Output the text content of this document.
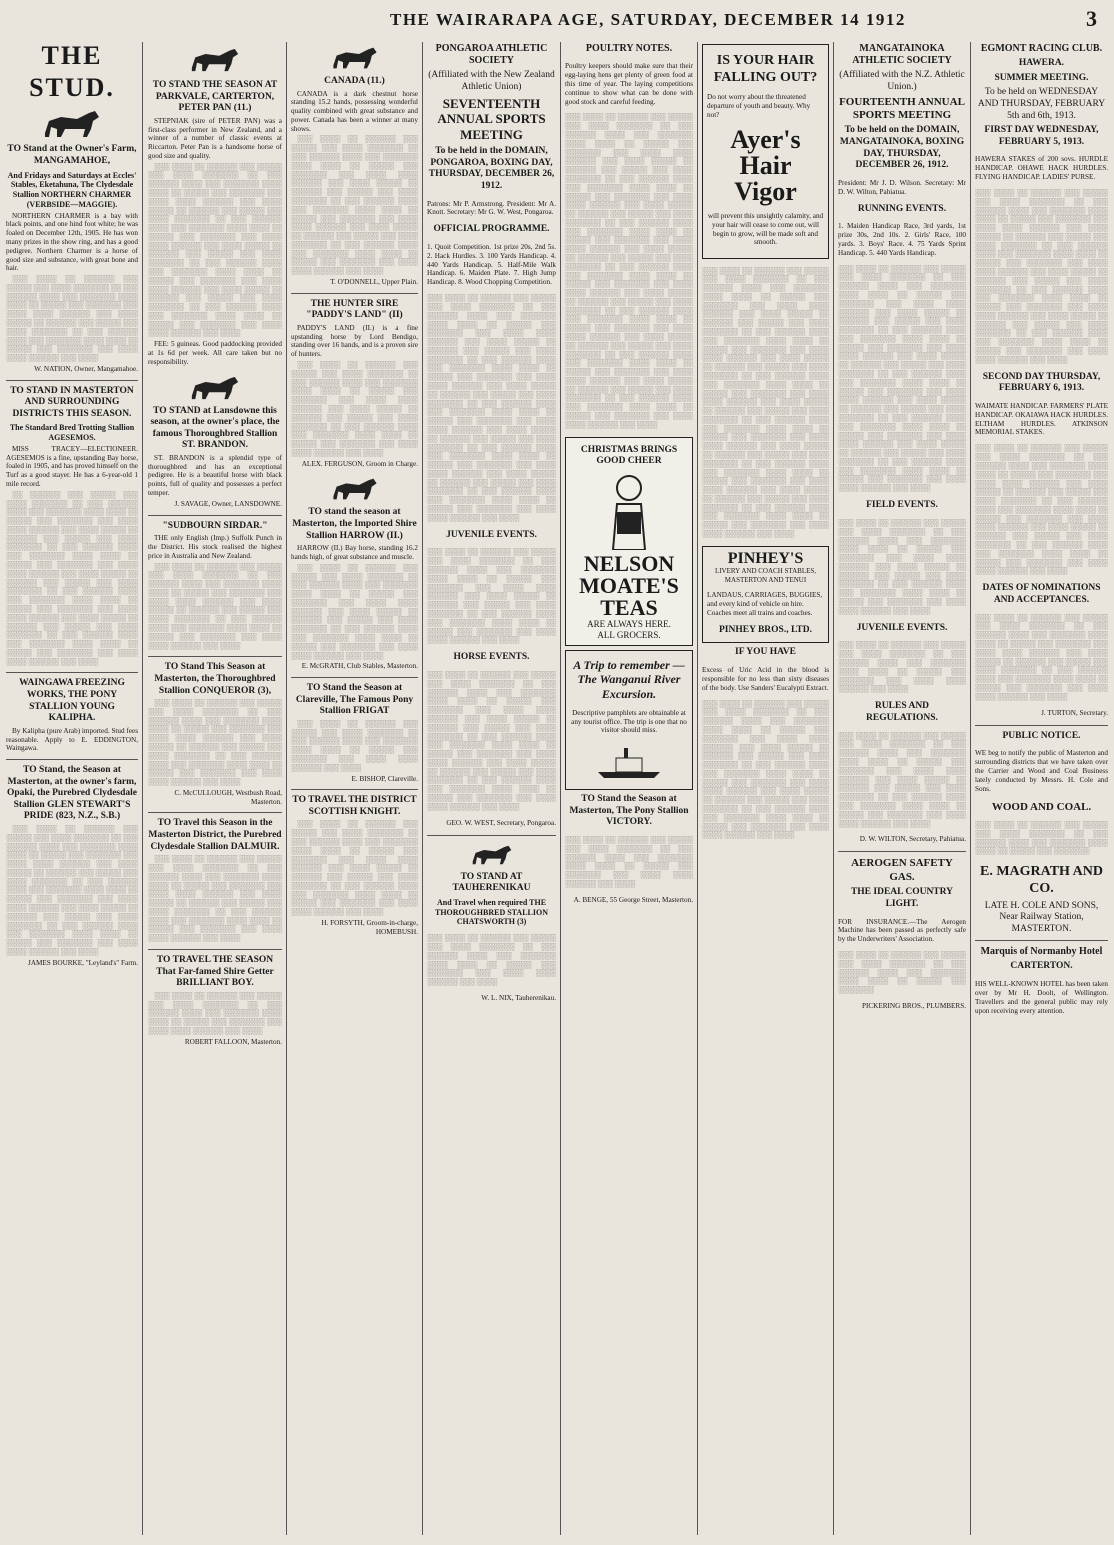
THE WAIRARAPA AGE, SATURDAY, DECEMBER 14 1912	3
THE STUD.
TO Stand at the Owner's Farm, MANGAMAHOE,
And Fridays and Saturdays at Eccles' Stables, Eketahuna, The Clydesdale Stallion NORTHERN CHARMER (VERBSIDE—MAGGIE).

NORTHERN CHARMER is a bay with black points, and one hind foot white; he was foaled on December 12th, 1905. He has won many prizes in the show ring, and has a good pedigree. Northern Charmer is a horse of good size and substance, with great bone and hair.

░░░ ░░░░ ░░ ░░░░░░ ░░░ ░░░░░ ░░░ ░░░░ ░░░░░░░ ░░ ░░░ ░░░░░░ ░░░░ ░░░ ░░░░░░░ ░░░░ ░░░░ ░░ ░░░░░ ░░░ ░░░░░░░ ░░░ ░░░░ ░░░░ ░░░░░░ ░░░ ░░░░ ░░░░░ ░░ ░░░░░░ ░░░ ░░░░░ ░░░ ░░░░ ░░░░░░░ ░░ ░░░ ░░░░░░ ░░░░ ░░░ ░░░░░░░ ░░░░ ░░░░ ░░ ░░░░░ ░░░ ░░░░░░░ ░░░ ░░░░ ░░░░ ░░░░░░ ░░░ ░░░░

W. NATION, Owner, Mangamahoe.

TO STAND IN MASTERTON AND SURROUNDING DISTRICTS THIS SEASON.
The Standard Bred Trotting Stallion AGESEMOS.

MISS TRACEY—ELECTIONEER. AGESEMOS is a fine, upstanding Bay horse, foaled in 1905, and has proved himself on the Turf as a good stayer. He has a 6-year-old 1 mile record.

░░ ░░░░░░ ░░░ ░░░░░ ░░░ ░░░░ ░░░░░░░ ░░ ░░░ ░░░░░░ ░░░░ ░░░ ░░░░░░░ ░░░░ ░░░░ ░░ ░░░░░ ░░░ ░░░░░░░ ░░░ ░░░░ ░░░░ ░░░░░░ ░░░ ░░░░ ░░░░░ ░░ ░░░░░░ ░░░ ░░░░░ ░░░ ░░░░ ░░░░░░░ ░░ ░░░ ░░░░░░ ░░░░ ░░░ ░░░░░░░ ░░░░ ░░░░ ░░ ░░░░░ ░░░ ░░░░░░░ ░░░ ░░░░ ░░░░ ░░░░░░ ░░░ ░░░░ ░░░░░ ░░ ░░░░░░ ░░░ ░░░░░ ░░░ ░░░░ ░░░░░░░ ░░ ░░░ ░░░░░░ ░░░░ ░░░ ░░░░░░░ ░░░░ ░░░░ ░░ ░░░░░ ░░░ ░░░░░░░ ░░░ ░░░░ ░░░░ ░░░░░░ ░░░ ░░░░ ░░░░░ ░░ ░░░░░░ ░░░ ░░░░░ ░░░ ░░░░ ░░░░░░░ ░░ ░░░ ░░░░░░ ░░░░ ░░░ ░░░░░░░ ░░░░ ░░░░ ░░ ░░░░░ ░░░ ░░░░░░░ ░░░ ░░░░ ░░░░ ░░░░░░ ░░░ ░░░░

WAINGAWA FREEZING WORKS, THE PONY STALLION YOUNG KALIPHA.

By Kalipha (pure Arab) imported. Stud fees reasonable. Apply to E. EDDINGTON, Waingawa.

TO Stand, the Season at Masterton, at the owner's farm, Opaki, the Purebred Clydesdale Stallion GLEN STEWART'S PRIDE (823, N.Z., S.B.)

░░░ ░░░░ ░░ ░░░░░░ ░░░ ░░░░░ ░░░ ░░░░ ░░░░░░░ ░░ ░░░ ░░░░░░ ░░░░ ░░░ ░░░░░░░ ░░░░ ░░░░ ░░ ░░░░░ ░░░ ░░░░░░░ ░░░ ░░░░ ░░░░ ░░░░░░ ░░░ ░░░░ ░░░░░ ░░ ░░░░░░ ░░░ ░░░░░ ░░░ ░░░░ ░░░░░░░ ░░ ░░░ ░░░░░░ ░░░░ ░░░ ░░░░░░░ ░░░░ ░░░░ ░░ ░░░░░ ░░░ ░░░░░░░ ░░░ ░░░░ ░░░░ ░░░░░░ ░░░ ░░░░ ░░░░░ ░░ ░░░░░░ ░░░ ░░░░░ ░░░ ░░░░ ░░░░░░░ ░░ ░░░ ░░░░░░ ░░░░ ░░░ ░░░░░░░ ░░░░ ░░░░ ░░ ░░░░░ ░░░ ░░░░░░░ ░░░ ░░░░ ░░░░ ░░░░░░ ░░░ ░░░░

JAMES BOURKE, "Leyland's" Farm.

TO STAND THE SEASON AT PARKVALE, CARTERTON, PETER PAN (11.)

STEPNIAK (sire of PETER PAN) was a first-class performer in New Zealand, and a winner of a number of classic events at Riccarton. Peter Pan is a handsome horse of good size and quality.

░░░ ░░░░ ░░ ░░░░░░ ░░░ ░░░░░ ░░░ ░░░░ ░░░░░░░ ░░ ░░░ ░░░░░░ ░░░░ ░░░ ░░░░░░░ ░░░░ ░░░░ ░░ ░░░░░ ░░░ ░░░░░░░ ░░░ ░░░░ ░░░░ ░░░░░░ ░░░ ░░░░ ░░░░░ ░░ ░░░░░░ ░░░ ░░░░░ ░░░ ░░░░ ░░░░░░░ ░░ ░░░ ░░░░░░ ░░░░ ░░░ ░░░░░░░ ░░░░ ░░░░ ░░ ░░░░░ ░░░ ░░░░░░░ ░░░ ░░░░ ░░░░ ░░░░░░ ░░░ ░░░░ ░░░░░ ░░ ░░░░░░ ░░░ ░░░░░ ░░░ ░░░░ ░░░░░░░ ░░ ░░░ ░░░░░░ ░░░░ ░░░ ░░░░░░░ ░░░░ ░░░░ ░░ ░░░░░ ░░░ ░░░░░░░ ░░░ ░░░░ ░░░░ ░░░░░░ ░░░ ░░░░ ░░░░░ ░░ ░░░░░░ ░░░ ░░░░░ ░░░ ░░░░ ░░░░░░░ ░░ ░░░ ░░░░░░ ░░░░ ░░░ ░░░░░░░ ░░░░ ░░░░ ░░ ░░░░░ ░░░ ░░░░░░░ ░░░ ░░░░ ░░░░ ░░░░░░ ░░░ ░░░░

FEE: 5 guineas. Good paddocking provided at 1s 6d per week. All care taken but no responsibility.

TO STAND at Lansdowne this season, at the owner's place, the famous Thoroughbred Stallion ST. BRANDON.

ST. BRANDON is a splendid type of thoroughbred and has an exceptional pedigree. He is a beautiful horse with black points, full of quality and possesses a perfect temper.

J. SAVAGE, Owner, LANSDOWNE.

"SUDBOURN SIRDAR."

THE only English (Imp.) Suffolk Punch in the District. His stock realised the highest price in Australia and New Zealand.

░░░ ░░░░ ░░ ░░░░░░ ░░░ ░░░░░ ░░░ ░░░░ ░░░░░░░ ░░ ░░░ ░░░░░░ ░░░░ ░░░ ░░░░░░░ ░░░░ ░░░░ ░░ ░░░░░ ░░░ ░░░░░░░ ░░░ ░░░░ ░░░░ ░░░░░░ ░░░ ░░░░ ░░░░░ ░░ ░░░░░░ ░░░ ░░░░░ ░░░ ░░░░ ░░░░░░░ ░░ ░░░ ░░░░░░ ░░░░ ░░░ ░░░░░░░ ░░░░ ░░░░ ░░ ░░░░░ ░░░ ░░░░░░░ ░░░ ░░░░ ░░░░ ░░░░░░ ░░░ ░░░░

TO Stand This Season at Masterton, the Thoroughbred Stallion CONQUEROR (3),

░░░ ░░░░ ░░ ░░░░░░ ░░░ ░░░░░ ░░░ ░░░░ ░░░░░░░ ░░ ░░░ ░░░░░░ ░░░░ ░░░ ░░░░░░░ ░░░░ ░░░░ ░░ ░░░░░ ░░░ ░░░░░░░ ░░░ ░░░░ ░░░░ ░░░░░░ ░░░ ░░░░ ░░░░░ ░░ ░░░░░░ ░░░ ░░░░░ ░░░ ░░░░ ░░░░░░░ ░░ ░░░ ░░░░░░ ░░░░ ░░░ ░░░░░░░ ░░░░ ░░░░ ░░ ░░░░░ ░░░ ░░░░░░░ ░░░ ░░░░ ░░░░ ░░░░░░ ░░░ ░░░░

C. McCULLOUGH, Westbush Road, Masterton.

TO Travel this Season in the Masterton District, the Purebred Clydesdale Stallion DALMUIR.

░░░ ░░░░ ░░ ░░░░░░ ░░░ ░░░░░ ░░░ ░░░░ ░░░░░░░ ░░ ░░░ ░░░░░░ ░░░░ ░░░ ░░░░░░░ ░░░░ ░░░░ ░░ ░░░░░ ░░░ ░░░░░░░ ░░░ ░░░░ ░░░░ ░░░░░░ ░░░ ░░░░ ░░░░░ ░░ ░░░░░░ ░░░ ░░░░░ ░░░ ░░░░ ░░░░░░░ ░░ ░░░ ░░░░░░ ░░░░ ░░░ ░░░░░░░ ░░░░ ░░░░ ░░ ░░░░░ ░░░ ░░░░░░░ ░░░ ░░░░ ░░░░ ░░░░░░ ░░░ ░░░░

TO TRAVEL THE SEASON That Far-famed Shire Getter BRILLIANT BOY.

░░░ ░░░░ ░░ ░░░░░░ ░░░ ░░░░░ ░░░ ░░░░ ░░░░░░░ ░░ ░░░ ░░░░░░ ░░░░ ░░░ ░░░░░░░ ░░░░ ░░░░ ░░ ░░░░░ ░░░ ░░░░░░░ ░░░ ░░░░ ░░░░ ░░░░░░ ░░░ ░░░░

ROBERT FALLOON, Masterton.

CANADA (11.)

CANADA is a dark chestnut horse standing 15.2 hands, possessing wonderful quality combined with great substance and power. Canada has been a winner at many shows.

░░░ ░░░░ ░░ ░░░░░░ ░░░ ░░░░░ ░░░ ░░░░ ░░░░░░░ ░░ ░░░ ░░░░░░ ░░░░ ░░░ ░░░░░░░ ░░░░ ░░░░ ░░ ░░░░░ ░░░ ░░░░░░░ ░░░ ░░░░ ░░░░ ░░░░░░ ░░░ ░░░░ ░░░░░ ░░ ░░░░░░ ░░░ ░░░░░ ░░░ ░░░░ ░░░░░░░ ░░ ░░░ ░░░░░░ ░░░░ ░░░ ░░░░░░░ ░░░░ ░░░░ ░░ ░░░░░ ░░░ ░░░░░░░ ░░░ ░░░░ ░░░░ ░░░░░░ ░░░ ░░░░ ░░░░░ ░░ ░░░░░░ ░░░ ░░░░░ ░░░ ░░░░ ░░░░░░░ ░░ ░░░ ░░░░░░ ░░░░ ░░░ ░░░░░░░ ░░░░ ░░░░ ░░ ░░░░░ ░░░ ░░░░░░░ ░░░ ░░░░ ░░░░ ░░░░░░ ░░░ ░░░░

T. O'DONNELL, Upper Plain.

THE HUNTER SIRE "PADDY'S LAND" (II)

PADDY'S LAND (II.) is a fine upstanding horse by Lord Bendigo, standing over 16 hands, and is a proven sire of hunters.

░░░ ░░░░ ░░ ░░░░░░ ░░░ ░░░░░ ░░░ ░░░░ ░░░░░░░ ░░ ░░░ ░░░░░░ ░░░░ ░░░ ░░░░░░░ ░░░░ ░░░░ ░░ ░░░░░ ░░░ ░░░░░░░ ░░░ ░░░░ ░░░░ ░░░░░░ ░░░ ░░░░ ░░░░░ ░░ ░░░░░░ ░░░ ░░░░░ ░░░ ░░░░ ░░░░░░░ ░░ ░░░ ░░░░░░ ░░░░ ░░░ ░░░░░░░ ░░░░ ░░░░ ░░ ░░░░░ ░░░ ░░░░░░░ ░░░ ░░░░ ░░░░ ░░░░░░ ░░░ ░░░░

ALEX. FERGUSON, Groom in Charge.

TO stand the season at Masterton, the Imported Shire Stallion HARROW (II.)

HARROW (II.) Bay horse, standing 16.2 hands high, of great substance and muscle.

░░░ ░░░░ ░░ ░░░░░░ ░░░ ░░░░░ ░░░ ░░░░ ░░░░░░░ ░░ ░░░ ░░░░░░ ░░░░ ░░░ ░░░░░░░ ░░░░ ░░░░ ░░ ░░░░░ ░░░ ░░░░░░░ ░░░ ░░░░ ░░░░ ░░░░░░ ░░░ ░░░░ ░░░░░ ░░ ░░░░░░ ░░░ ░░░░░ ░░░ ░░░░ ░░░░░░░ ░░ ░░░ ░░░░░░ ░░░░ ░░░ ░░░░░░░ ░░░░ ░░░░ ░░ ░░░░░ ░░░ ░░░░░░░ ░░░ ░░░░ ░░░░ ░░░░░░ ░░░ ░░░░

E. McGRATH, Club Stables, Masterton.

TO Stand the Season at Clareville, The Famous Pony Stallion FRIGAT

░░░ ░░░░ ░░ ░░░░░░ ░░░ ░░░░░ ░░░ ░░░░ ░░░░░░░ ░░ ░░░ ░░░░░░ ░░░░ ░░░ ░░░░░░░ ░░░░ ░░░░ ░░ ░░░░░ ░░░ ░░░░░░░ ░░░ ░░░░ ░░░░ ░░░░░░ ░░░ ░░░░

E. BISHOP, Clareville.

TO TRAVEL THE DISTRICT SCOTTISH KNIGHT.

░░░ ░░░░ ░░ ░░░░░░ ░░░ ░░░░░ ░░░ ░░░░ ░░░░░░░ ░░ ░░░ ░░░░░░ ░░░░ ░░░ ░░░░░░░ ░░░░ ░░░░ ░░ ░░░░░ ░░░ ░░░░░░░ ░░░ ░░░░ ░░░░ ░░░░░░ ░░░ ░░░░ ░░░░░ ░░ ░░░░░░ ░░░ ░░░░░ ░░░ ░░░░ ░░░░░░░ ░░ ░░░ ░░░░░░ ░░░░ ░░░ ░░░░░░░ ░░░░ ░░░░ ░░ ░░░░░ ░░░ ░░░░░░░ ░░░ ░░░░ ░░░░ ░░░░░░ ░░░ ░░░░

H. FORSYTH, Groom-in-charge, HOMEBUSH.

PONGAROA ATHLETIC SOCIETY
(Affiliated with the New Zealand Athletic Union)
SEVENTEENTH ANNUAL SPORTS MEETING
To be held in the DOMAIN, PONGAROA, BOXING DAY, THURSDAY, DECEMBER 26, 1912.

Patrons: Mr P. Armstrong. President: Mr A. Knott. Secretary: Mr G. W. West, Pongaroa.

OFFICIAL PROGRAMME.

1. Quoit Competition. 1st prize 20s, 2nd 5s. 2. Hack Hurdles. 3. 100 Yards Handicap. 4. 440 Yards Handicap. 5. Half-Mile Walk Handicap. 6. Maiden Plate. 7. High Jump Handicap. 8. Wood Chopping Competition.

░░░ ░░░░ ░░ ░░░░░░ ░░░ ░░░░░ ░░░ ░░░░ ░░░░░░░ ░░ ░░░ ░░░░░░ ░░░░ ░░░ ░░░░░░░ ░░░░ ░░░░ ░░ ░░░░░ ░░░ ░░░░░░░ ░░░ ░░░░ ░░░░ ░░░░░░ ░░░ ░░░░ ░░░░░ ░░ ░░░░░░ ░░░ ░░░░░ ░░░ ░░░░ ░░░░░░░ ░░ ░░░ ░░░░░░ ░░░░ ░░░ ░░░░░░░ ░░░░ ░░░░ ░░ ░░░░░ ░░░ ░░░░░░░ ░░░ ░░░░ ░░░░ ░░░░░░ ░░░ ░░░░ ░░░░░ ░░ ░░░░░░ ░░░ ░░░░░ ░░░ ░░░░ ░░░░░░░ ░░ ░░░ ░░░░░░ ░░░░ ░░░ ░░░░░░░ ░░░░ ░░░░ ░░ ░░░░░ ░░░ ░░░░░░░ ░░░ ░░░░ ░░░░ ░░░░░░ ░░░ ░░░░ ░░░░░ ░░ ░░░░░░ ░░░ ░░░░░ ░░░ ░░░░ ░░░░░░░ ░░ ░░░ ░░░░░░ ░░░░ ░░░ ░░░░░░░ ░░░░ ░░░░ ░░ ░░░░░ ░░░ ░░░░░░░ ░░░ ░░░░ ░░░░ ░░░░░░ ░░░ ░░░░ ░░░░░ ░░ ░░░░░░ ░░░ ░░░░░ ░░░ ░░░░ ░░░░░░░ ░░ ░░░ ░░░░░░ ░░░░ ░░░ ░░░░░░░ ░░░░ ░░░░ ░░ ░░░░░ ░░░ ░░░░░░░ ░░░ ░░░░ ░░░░ ░░░░░░ ░░░ ░░░░

JUVENILE EVENTS.

░░░ ░░░░ ░░ ░░░░░░ ░░░ ░░░░░ ░░░ ░░░░ ░░░░░░░ ░░ ░░░ ░░░░░░ ░░░░ ░░░ ░░░░░░░ ░░░░ ░░░░ ░░ ░░░░░ ░░░ ░░░░░░░ ░░░ ░░░░ ░░░░ ░░░░░░ ░░░ ░░░░ ░░░░░ ░░ ░░░░░░ ░░░ ░░░░░ ░░░ ░░░░ ░░░░░░░ ░░ ░░░ ░░░░░░ ░░░░ ░░░ ░░░░░░░ ░░░░ ░░░░ ░░ ░░░░░ ░░░ ░░░░░░░ ░░░ ░░░░ ░░░░ ░░░░░░ ░░░ ░░░░

HORSE EVENTS.

░░░ ░░░░ ░░ ░░░░░░ ░░░ ░░░░░ ░░░ ░░░░ ░░░░░░░ ░░ ░░░ ░░░░░░ ░░░░ ░░░ ░░░░░░░ ░░░░ ░░░░ ░░ ░░░░░ ░░░ ░░░░░░░ ░░░ ░░░░ ░░░░ ░░░░░░ ░░░ ░░░░ ░░░░░ ░░ ░░░░░░ ░░░ ░░░░░ ░░░ ░░░░ ░░░░░░░ ░░ ░░░ ░░░░░░ ░░░░ ░░░ ░░░░░░░ ░░░░ ░░░░ ░░ ░░░░░ ░░░ ░░░░░░░ ░░░ ░░░░ ░░░░ ░░░░░░ ░░░ ░░░░ ░░░░░ ░░ ░░░░░░ ░░░ ░░░░░ ░░░ ░░░░ ░░░░░░░ ░░ ░░░ ░░░░░░ ░░░░ ░░░ ░░░░░░░ ░░░░ ░░░░ ░░ ░░░░░ ░░░ ░░░░░░░ ░░░ ░░░░ ░░░░ ░░░░░░ ░░░ ░░░░

GEO. W. WEST, Secretary, Pongaroa.

TO STAND AT TAUHERENIKAU
And Travel when required THE THOROUGHBRED STALLION CHATSWORTH (3)

░░░ ░░░░ ░░ ░░░░░░ ░░░ ░░░░░ ░░░ ░░░░ ░░░░░░░ ░░ ░░░ ░░░░░░ ░░░░ ░░░ ░░░░░░░ ░░░░ ░░░░ ░░ ░░░░░ ░░░ ░░░░░░░ ░░░ ░░░░ ░░░░ ░░░░░░ ░░░ ░░░░

W. L. NIX, Tauherenikau.

POULTRY NOTES.

Poultry keepers should make sure that their egg-laying hens get plenty of green food at this time of year. The laying competitions continue to show what can be done with good stock and careful feeding.

░░░ ░░░░ ░░ ░░░░░░ ░░░ ░░░░░ ░░░ ░░░░ ░░░░░░░ ░░ ░░░ ░░░░░░ ░░░░ ░░░ ░░░░░░░ ░░░░ ░░░░ ░░ ░░░░░ ░░░ ░░░░░░░ ░░░ ░░░░ ░░░░ ░░░░░░ ░░░ ░░░░ ░░░░░ ░░ ░░░░░░ ░░░ ░░░░░ ░░░ ░░░░ ░░░░░░░ ░░ ░░░ ░░░░░░ ░░░░ ░░░ ░░░░░░░ ░░░░ ░░░░ ░░ ░░░░░ ░░░ ░░░░░░░ ░░░ ░░░░ ░░░░ ░░░░░░ ░░░ ░░░░ ░░░░░ ░░ ░░░░░░ ░░░ ░░░░░ ░░░ ░░░░ ░░░░░░░ ░░ ░░░ ░░░░░░ ░░░░ ░░░ ░░░░░░░ ░░░░ ░░░░ ░░ ░░░░░ ░░░ ░░░░░░░ ░░░ ░░░░ ░░░░ ░░░░░░ ░░░ ░░░░ ░░░░░ ░░ ░░░░░░ ░░░ ░░░░░ ░░░ ░░░░ ░░░░░░░ ░░ ░░░ ░░░░░░ ░░░░ ░░░ ░░░░░░░ ░░░░ ░░░░ ░░ ░░░░░ ░░░ ░░░░░░░ ░░░ ░░░░ ░░░░ ░░░░░░ ░░░ ░░░░ ░░░░░ ░░ ░░░░░░ ░░░ ░░░░░ ░░░ ░░░░ ░░░░░░░ ░░ ░░░ ░░░░░░ ░░░░ ░░░ ░░░░░░░ ░░░░ ░░░░ ░░ ░░░░░ ░░░ ░░░░░░░ ░░░ ░░░░ ░░░░ ░░░░░░ ░░░ ░░░░ ░░░░░ ░░ ░░░░░░ ░░░ ░░░░░ ░░░ ░░░░ ░░░░░░░ ░░ ░░░ ░░░░░░ ░░░░ ░░░ ░░░░░░░ ░░░░ ░░░░ ░░ ░░░░░ ░░░ ░░░░░░░ ░░░ ░░░░ ░░░░ ░░░░░░ ░░░ ░░░░ ░░░░░ ░░ ░░░░░░ ░░░ ░░░░░ ░░░ ░░░░ ░░░░░░░ ░░ ░░░ ░░░░░░ ░░░░ ░░░ ░░░░░░░ ░░░░ ░░░░ ░░ ░░░░░ ░░░ ░░░░░░░ ░░░ ░░░░ ░░░░ ░░░░░░ ░░░ ░░░░

CHRISTMAS BRINGS GOOD CHEER
NELSON MOATE'S TEAS
ARE ALWAYS HERE.
ALL GROCERS.
A Trip to remember —The Wanganui River Excursion.

Descriptive pamphlets are obtainable at any tourist office. The trip is one that no visitor should miss.

TO Stand the Season at Masterton, The Pony Stallion VICTORY.

░░░ ░░░░ ░░ ░░░░░░ ░░░ ░░░░░ ░░░ ░░░░ ░░░░░░░ ░░ ░░░ ░░░░░░ ░░░░ ░░░ ░░░░░░░ ░░░░ ░░░░ ░░ ░░░░░ ░░░ ░░░░░░░ ░░░ ░░░░ ░░░░ ░░░░░░ ░░░ ░░░░

A. BENGE, 55 George Street, Masterton.

IS YOUR HAIR FALLING OUT?

Do not worry about the threatened departure of youth and beauty. Why not?

Ayer's Hair Vigor

will prevent this unsightly calamity, and your hair will cease to come out, will begin to grow, will be made soft and smooth.

░░░ ░░░░ ░░ ░░░░░░ ░░░ ░░░░░ ░░░ ░░░░ ░░░░░░░ ░░ ░░░ ░░░░░░ ░░░░ ░░░ ░░░░░░░ ░░░░ ░░░░ ░░ ░░░░░ ░░░ ░░░░░░░ ░░░ ░░░░ ░░░░ ░░░░░░ ░░░ ░░░░ ░░░░░ ░░ ░░░░░░ ░░░ ░░░░░ ░░░ ░░░░ ░░░░░░░ ░░ ░░░ ░░░░░░ ░░░░ ░░░ ░░░░░░░ ░░░░ ░░░░ ░░ ░░░░░ ░░░ ░░░░░░░ ░░░ ░░░░ ░░░░ ░░░░░░ ░░░ ░░░░ ░░░░░ ░░ ░░░░░░ ░░░ ░░░░░ ░░░ ░░░░ ░░░░░░░ ░░ ░░░ ░░░░░░ ░░░░ ░░░ ░░░░░░░ ░░░░ ░░░░ ░░ ░░░░░ ░░░ ░░░░░░░ ░░░ ░░░░ ░░░░ ░░░░░░ ░░░ ░░░░ ░░░░░ ░░ ░░░░░░ ░░░ ░░░░░ ░░░ ░░░░ ░░░░░░░ ░░ ░░░ ░░░░░░ ░░░░ ░░░ ░░░░░░░ ░░░░ ░░░░ ░░ ░░░░░ ░░░ ░░░░░░░ ░░░ ░░░░ ░░░░ ░░░░░░ ░░░ ░░░░ ░░░░░ ░░ ░░░░░░ ░░░ ░░░░░ ░░░ ░░░░ ░░░░░░░ ░░ ░░░ ░░░░░░ ░░░░ ░░░ ░░░░░░░ ░░░░ ░░░░ ░░ ░░░░░ ░░░ ░░░░░░░ ░░░ ░░░░ ░░░░ ░░░░░░ ░░░ ░░░░ ░░░░░ ░░ ░░░░░░ ░░░ ░░░░░ ░░░ ░░░░ ░░░░░░░ ░░ ░░░ ░░░░░░ ░░░░ ░░░ ░░░░░░░ ░░░░ ░░░░ ░░ ░░░░░ ░░░ ░░░░░░░ ░░░ ░░░░ ░░░░ ░░░░░░ ░░░ ░░░░

PINHEY'S
LIVERY AND COACH STABLES, MASTERTON AND TENUI

LANDAUS, CARRIAGES, BUGGIES, and every kind of vehicle on hire. Coaches meet all trains and coaches.

PINHEY BROS., LTD.
IF YOU HAVE

Excess of Uric Acid in the blood is responsible for no less than sixty diseases of the body. Use Sanders' Eucalypti Extract.

░░░ ░░░░ ░░ ░░░░░░ ░░░ ░░░░░ ░░░ ░░░░ ░░░░░░░ ░░ ░░░ ░░░░░░ ░░░░ ░░░ ░░░░░░░ ░░░░ ░░░░ ░░ ░░░░░ ░░░ ░░░░░░░ ░░░ ░░░░ ░░░░ ░░░░░░ ░░░ ░░░░ ░░░░░ ░░ ░░░░░░ ░░░ ░░░░░ ░░░ ░░░░ ░░░░░░░ ░░ ░░░ ░░░░░░ ░░░░ ░░░ ░░░░░░░ ░░░░ ░░░░ ░░ ░░░░░ ░░░ ░░░░░░░ ░░░ ░░░░ ░░░░ ░░░░░░ ░░░ ░░░░ ░░░░░ ░░ ░░░░░░ ░░░ ░░░░░ ░░░ ░░░░ ░░░░░░░ ░░ ░░░ ░░░░░░ ░░░░ ░░░ ░░░░░░░ ░░░░ ░░░░ ░░ ░░░░░ ░░░ ░░░░░░░ ░░░ ░░░░ ░░░░ ░░░░░░ ░░░ ░░░░

MANGATAINOKA ATHLETIC SOCIETY
(Affiliated with the N.Z. Athletic Union.)
FOURTEENTH ANNUAL SPORTS MEETING
To be held on the DOMAIN, MANGATAINOKA, BOXING DAY, THURSDAY, DECEMBER 26, 1912.

President: Mr J. D. Wilson. Secretary: Mr D. W. Wilton, Pahiatua.

RUNNING EVENTS.

1. Maiden Handicap Race, 3rd yards, 1st prize 30s, 2nd 10s. 2. Girls' Race, 100 yards. 3. Boys' Race. 4. 75 Yards Sprint Handicap. 5. 440 Yards Handicap.

░░░ ░░░░ ░░ ░░░░░░ ░░░ ░░░░░ ░░░ ░░░░ ░░░░░░░ ░░ ░░░ ░░░░░░ ░░░░ ░░░ ░░░░░░░ ░░░░ ░░░░ ░░ ░░░░░ ░░░ ░░░░░░░ ░░░ ░░░░ ░░░░ ░░░░░░ ░░░ ░░░░ ░░░░░ ░░ ░░░░░░ ░░░ ░░░░░ ░░░ ░░░░ ░░░░░░░ ░░ ░░░ ░░░░░░ ░░░░ ░░░ ░░░░░░░ ░░░░ ░░░░ ░░ ░░░░░ ░░░ ░░░░░░░ ░░░ ░░░░ ░░░░ ░░░░░░ ░░░ ░░░░ ░░░░░ ░░ ░░░░░░ ░░░ ░░░░░ ░░░ ░░░░ ░░░░░░░ ░░ ░░░ ░░░░░░ ░░░░ ░░░ ░░░░░░░ ░░░░ ░░░░ ░░ ░░░░░ ░░░ ░░░░░░░ ░░░ ░░░░ ░░░░ ░░░░░░ ░░░ ░░░░ ░░░░░ ░░ ░░░░░░ ░░░ ░░░░░ ░░░ ░░░░ ░░░░░░░ ░░ ░░░ ░░░░░░ ░░░░ ░░░ ░░░░░░░ ░░░░ ░░░░ ░░ ░░░░░ ░░░ ░░░░░░░ ░░░ ░░░░ ░░░░ ░░░░░░ ░░░ ░░░░ ░░░░░ ░░ ░░░░░░ ░░░ ░░░░░ ░░░ ░░░░ ░░░░░░░ ░░ ░░░ ░░░░░░ ░░░░ ░░░ ░░░░░░░ ░░░░ ░░░░ ░░ ░░░░░ ░░░ ░░░░░░░ ░░░ ░░░░ ░░░░ ░░░░░░ ░░░ ░░░░

FIELD EVENTS.

░░░ ░░░░ ░░ ░░░░░░ ░░░ ░░░░░ ░░░ ░░░░ ░░░░░░░ ░░ ░░░ ░░░░░░ ░░░░ ░░░ ░░░░░░░ ░░░░ ░░░░ ░░ ░░░░░ ░░░ ░░░░░░░ ░░░ ░░░░ ░░░░ ░░░░░░ ░░░ ░░░░ ░░░░░ ░░ ░░░░░░ ░░░ ░░░░░ ░░░ ░░░░ ░░░░░░░ ░░ ░░░ ░░░░░░ ░░░░ ░░░ ░░░░░░░ ░░░░ ░░░░ ░░ ░░░░░ ░░░ ░░░░░░░ ░░░ ░░░░ ░░░░ ░░░░░░ ░░░ ░░░░

JUVENILE EVENTS.

░░░ ░░░░ ░░ ░░░░░░ ░░░ ░░░░░ ░░░ ░░░░ ░░░░░░░ ░░ ░░░ ░░░░░░ ░░░░ ░░░ ░░░░░░░ ░░░░ ░░░░ ░░ ░░░░░ ░░░ ░░░░░░░ ░░░ ░░░░ ░░░░ ░░░░░░ ░░░ ░░░░

RULES AND REGULATIONS.

░░░ ░░░░ ░░ ░░░░░░ ░░░ ░░░░░ ░░░ ░░░░ ░░░░░░░ ░░ ░░░ ░░░░░░ ░░░░ ░░░ ░░░░░░░ ░░░░ ░░░░ ░░ ░░░░░ ░░░ ░░░░░░░ ░░░ ░░░░ ░░░░ ░░░░░░ ░░░ ░░░░ ░░░░░ ░░ ░░░░░░ ░░░ ░░░░░ ░░░ ░░░░ ░░░░░░░ ░░ ░░░ ░░░░░░ ░░░░ ░░░ ░░░░░░░ ░░░░ ░░░░ ░░ ░░░░░ ░░░ ░░░░░░░ ░░░ ░░░░ ░░░░ ░░░░░░ ░░░ ░░░░

D. W. WILTON, Secretary, Pahiatua.

AEROGEN SAFETY GAS.
THE IDEAL COUNTRY LIGHT.

FOR INSURANCE.—The Aerogen Machine has been passed as perfectly safe by the Underwriters' Association.

░░░ ░░░░ ░░ ░░░░░░ ░░░ ░░░░░ ░░░ ░░░░ ░░░░░░░ ░░ ░░░ ░░░░░░ ░░░░ ░░░ ░░░░░░░ ░░░░ ░░░░ ░░ ░░░░░ ░░░ ░░░░░░░

PICKERING BROS., PLUMBERS.

EGMONT RACING CLUB.
HAWERA.
SUMMER MEETING.
To be held on WEDNESDAY AND THURSDAY, FEBRUARY 5th and 6th, 1913.
FIRST DAY WEDNESDAY, FEBRUARY 5, 1913.

HAWERA STAKES of 200 sovs. HURDLE HANDICAP. OHAWE HACK HURDLES. FLYING HANDICAP. LADIES' PURSE.

░░░ ░░░░ ░░ ░░░░░░ ░░░ ░░░░░ ░░░ ░░░░ ░░░░░░░ ░░ ░░░ ░░░░░░ ░░░░ ░░░ ░░░░░░░ ░░░░ ░░░░ ░░ ░░░░░ ░░░ ░░░░░░░ ░░░ ░░░░ ░░░░ ░░░░░░ ░░░ ░░░░ ░░░░░ ░░ ░░░░░░ ░░░ ░░░░░ ░░░ ░░░░ ░░░░░░░ ░░ ░░░ ░░░░░░ ░░░░ ░░░ ░░░░░░░ ░░░░ ░░░░ ░░ ░░░░░ ░░░ ░░░░░░░ ░░░ ░░░░ ░░░░ ░░░░░░ ░░░ ░░░░ ░░░░░ ░░ ░░░░░░ ░░░ ░░░░░ ░░░ ░░░░ ░░░░░░░ ░░ ░░░ ░░░░░░ ░░░░ ░░░ ░░░░░░░ ░░░░ ░░░░ ░░ ░░░░░ ░░░ ░░░░░░░ ░░░ ░░░░ ░░░░ ░░░░░░ ░░░ ░░░░ ░░░░░ ░░ ░░░░░░ ░░░ ░░░░░ ░░░ ░░░░ ░░░░░░░ ░░ ░░░ ░░░░░░ ░░░░ ░░░ ░░░░░░░ ░░░░ ░░░░ ░░ ░░░░░ ░░░ ░░░░░░░ ░░░ ░░░░ ░░░░ ░░░░░░ ░░░ ░░░░

SECOND DAY THURSDAY, FEBRUARY 6, 1913.

WAIMATE HANDICAP. FARMERS' PLATE HANDICAP. OKAIAWA HACK HURDLES. ELTHAM HURDLES. ATKINSON MEMORIAL STAKES.

░░░ ░░░░ ░░ ░░░░░░ ░░░ ░░░░░ ░░░ ░░░░ ░░░░░░░ ░░ ░░░ ░░░░░░ ░░░░ ░░░ ░░░░░░░ ░░░░ ░░░░ ░░ ░░░░░ ░░░ ░░░░░░░ ░░░ ░░░░ ░░░░ ░░░░░░ ░░░ ░░░░ ░░░░░ ░░ ░░░░░░ ░░░ ░░░░░ ░░░ ░░░░ ░░░░░░░ ░░ ░░░ ░░░░░░ ░░░░ ░░░ ░░░░░░░ ░░░░ ░░░░ ░░ ░░░░░ ░░░ ░░░░░░░ ░░░ ░░░░ ░░░░ ░░░░░░ ░░░ ░░░░ ░░░░░ ░░ ░░░░░░ ░░░ ░░░░░ ░░░ ░░░░ ░░░░░░░ ░░ ░░░ ░░░░░░ ░░░░ ░░░ ░░░░░░░ ░░░░ ░░░░ ░░ ░░░░░ ░░░ ░░░░░░░ ░░░ ░░░░ ░░░░ ░░░░░░ ░░░ ░░░░

DATES OF NOMINATIONS AND ACCEPTANCES.

░░░ ░░░░ ░░ ░░░░░░ ░░░ ░░░░░ ░░░ ░░░░ ░░░░░░░ ░░ ░░░ ░░░░░░ ░░░░ ░░░ ░░░░░░░ ░░░░ ░░░░ ░░ ░░░░░ ░░░ ░░░░░░░ ░░░ ░░░░ ░░░░ ░░░░░░ ░░░ ░░░░ ░░░░░ ░░ ░░░░░░ ░░░ ░░░░░ ░░░ ░░░░ ░░░░░░░ ░░ ░░░ ░░░░░░ ░░░░ ░░░ ░░░░░░░ ░░░░ ░░░░ ░░ ░░░░░ ░░░ ░░░░░░░ ░░░ ░░░░ ░░░░ ░░░░░░ ░░░ ░░░░

J. TURTON, Secretary.

PUBLIC NOTICE.

WE beg to notify the public of Masterton and surrounding districts that we have taken over the Carrier and Wood and Coal Business lately conducted by Messrs. H. Cole and Sons.

WOOD AND COAL.

░░░ ░░░░ ░░ ░░░░░░ ░░░ ░░░░░ ░░░ ░░░░ ░░░░░░░ ░░ ░░░ ░░░░░░ ░░░░ ░░░ ░░░░░░░ ░░░░ ░░░░ ░░ ░░░░░ ░░░ ░░░░░░░

E. MAGRATH AND CO.
LATE H. COLE AND SONS, Near Railway Station, MASTERTON.
Marquis of Normanby Hotel
CARTERTON.

HIS WELL-KNOWN HOTEL has been taken over by Mr H. Doolt, of Wellington. Travellers and the general public may rely upon receiving every attention.
